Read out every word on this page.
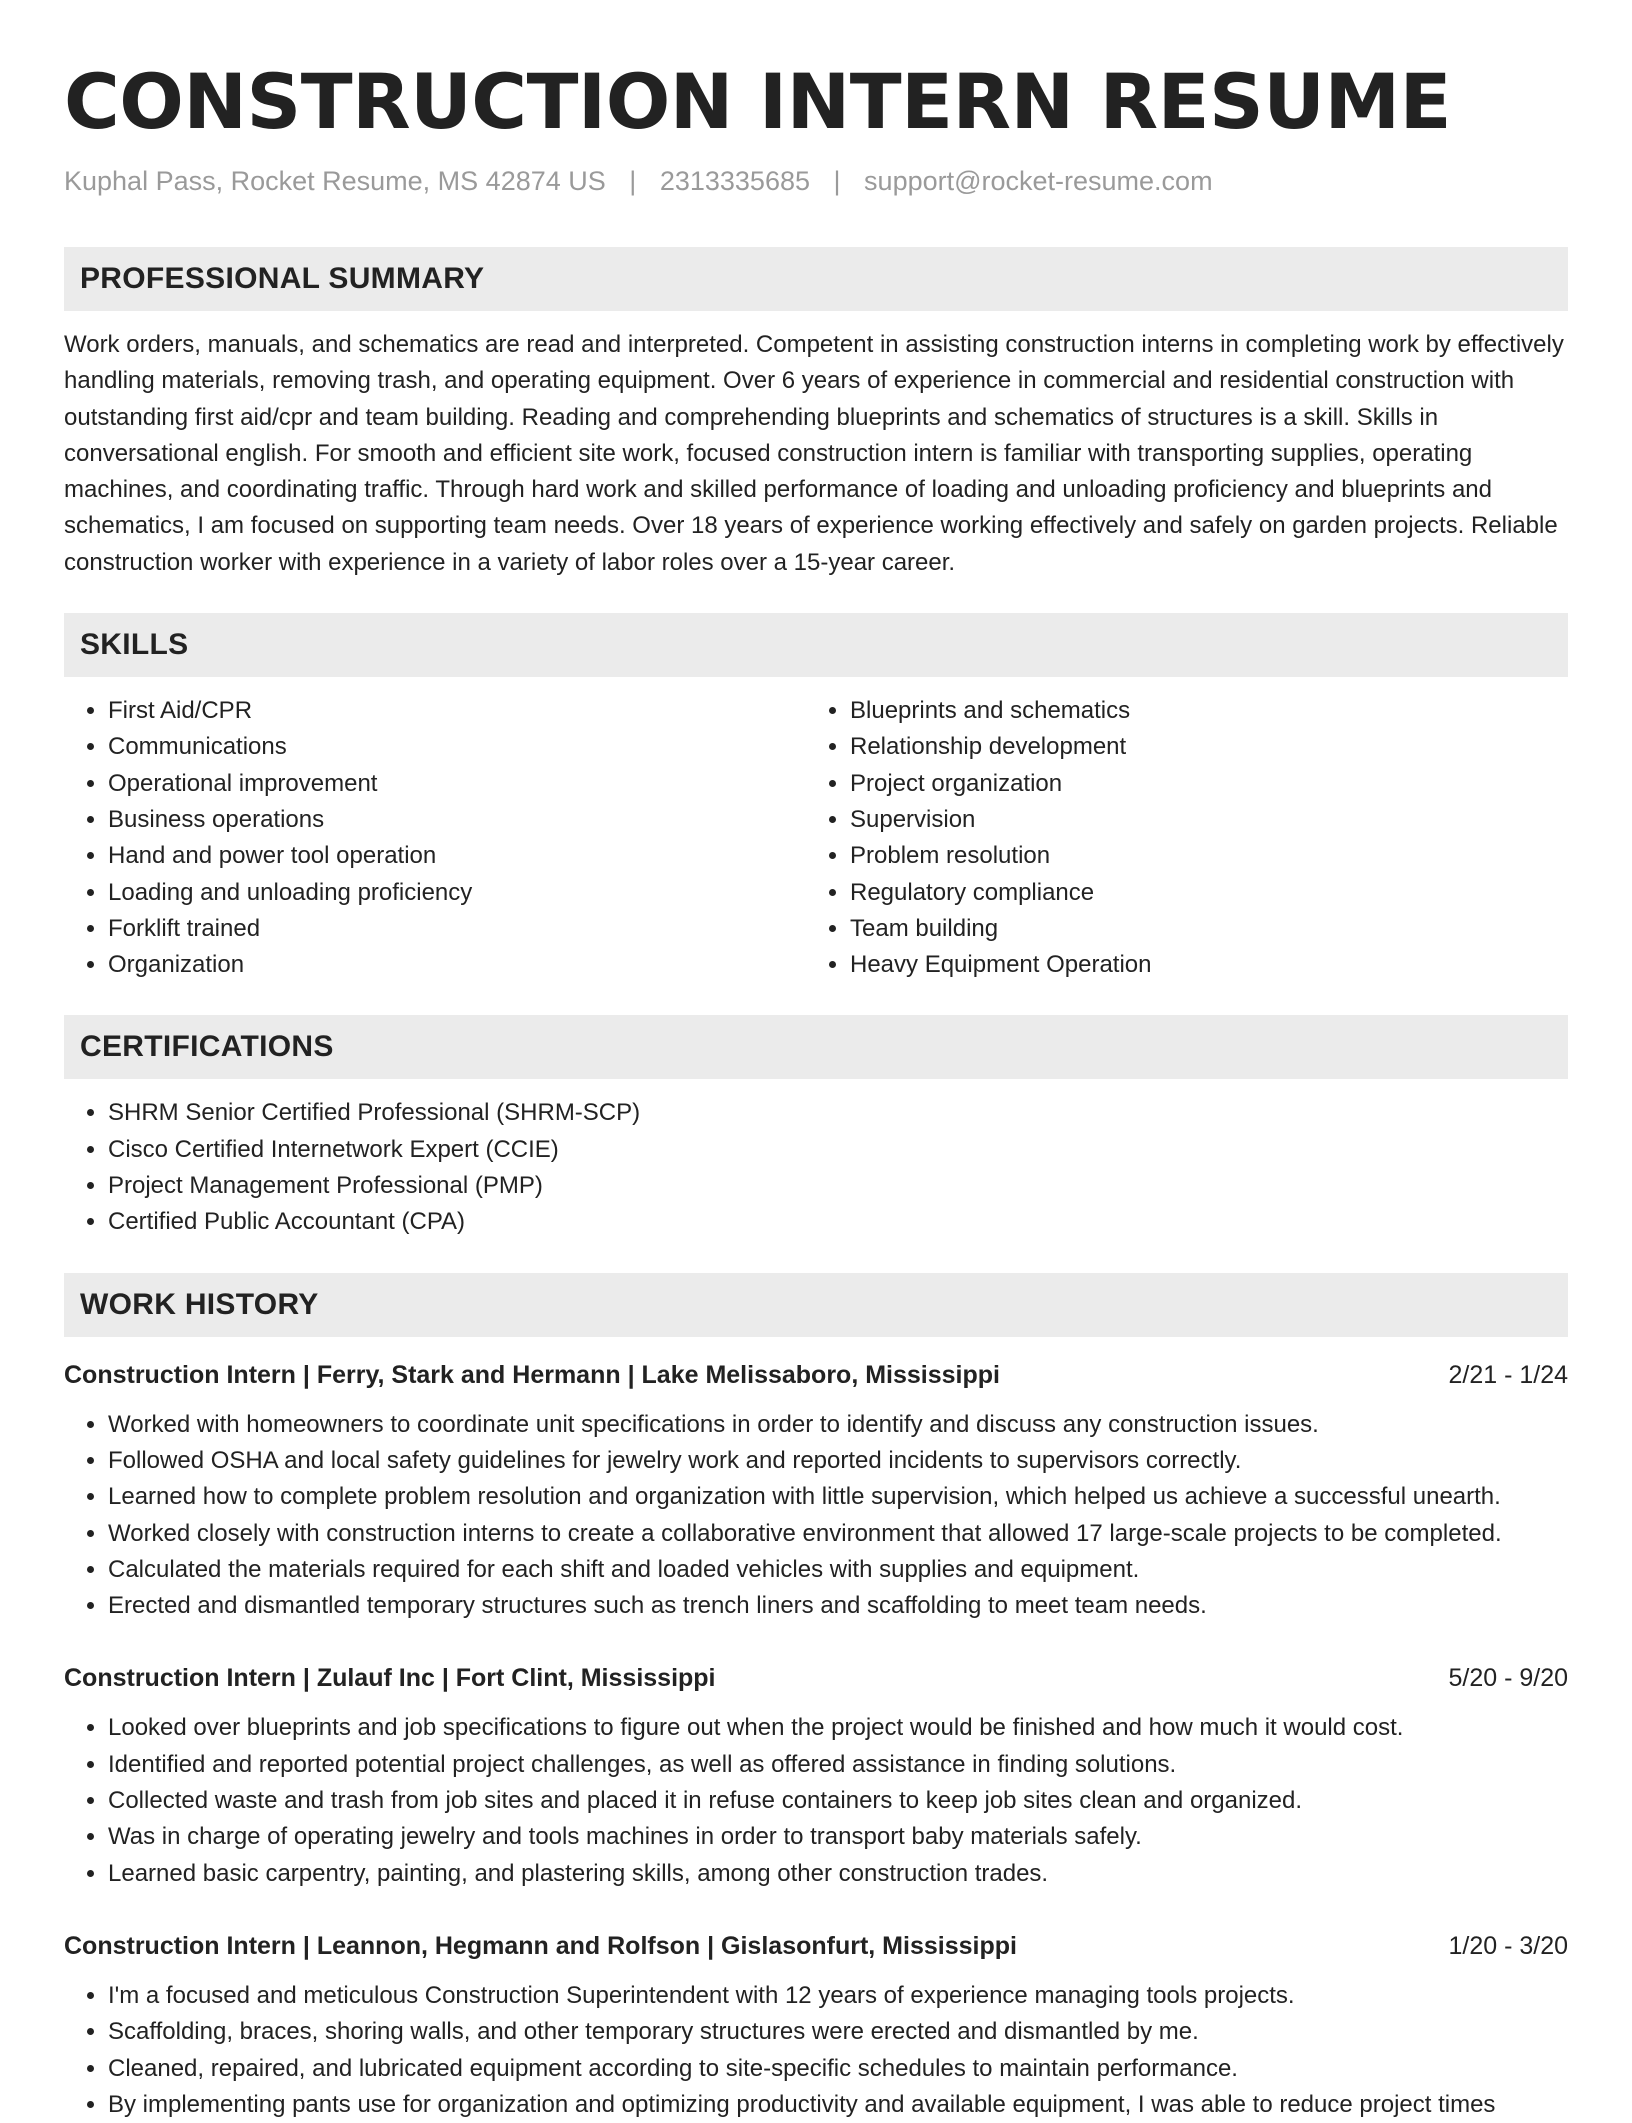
CONSTRUCTION INTERN RESUME
Kuphal Pass, Rocket Resume, MS 42874 US | 2313335685 | support@rocket-resume.com
PROFESSIONAL SUMMARY
Work orders, manuals, and schematics are read and interpreted. Competent in assisting construction interns in completing work by effectively handling materials, removing trash, and operating equipment. Over 6 years of experience in commercial and residential construction with outstanding first aid/cpr and team building. Reading and comprehending blueprints and schematics of structures is a skill. Skills in conversational english. For smooth and efficient site work, focused construction intern is familiar with transporting supplies, operating machines, and coordinating traffic. Through hard work and skilled performance of loading and unloading proficiency and blueprints and schematics, I am focused on supporting team needs. Over 18 years of experience working effectively and safely on garden projects. Reliable construction worker with experience in a variety of labor roles over a 15-year career.
SKILLS
• First Aid/CPR
• Communications
• Operational improvement
• Business operations
• Hand and power tool operation
• Loading and unloading proficiency
• Forklift trained
• Organization
• Blueprints and schematics
• Relationship development
• Project organization
• Supervision
• Problem resolution
• Regulatory compliance
• Team building
• Heavy Equipment Operation
CERTIFICATIONS
• SHRM Senior Certified Professional (SHRM-SCP)
• Cisco Certified Internetwork Expert (CCIE)
• Project Management Professional (PMP)
• Certified Public Accountant (CPA)
WORK HISTORY
Construction Intern | Ferry, Stark and Hermann | Lake Melissaboro, Mississippi	2/21 - 1/24
• Worked with homeowners to coordinate unit specifications in order to identify and discuss any construction issues.
• Followed OSHA and local safety guidelines for jewelry work and reported incidents to supervisors correctly.
• Learned how to complete problem resolution and organization with little supervision, which helped us achieve a successful unearth.
• Worked closely with construction interns to create a collaborative environment that allowed 17 large-scale projects to be completed.
• Calculated the materials required for each shift and loaded vehicles with supplies and equipment.
• Erected and dismantled temporary structures such as trench liners and scaffolding to meet team needs.
Construction Intern | Zulauf Inc | Fort Clint, Mississippi	5/20 - 9/20
• Looked over blueprints and job specifications to figure out when the project would be finished and how much it would cost.
• Identified and reported potential project challenges, as well as offered assistance in finding solutions.
• Collected waste and trash from job sites and placed it in refuse containers to keep job sites clean and organized.
• Was in charge of operating jewelry and tools machines in order to transport baby materials safely.
• Learned basic carpentry, painting, and plastering skills, among other construction trades.
Construction Intern | Leannon, Hegmann and Rolfson | Gislasonfurt, Mississippi	1/20 - 3/20
• I'm a focused and meticulous Construction Superintendent with 12 years of experience managing tools projects.
• Scaffolding, braces, shoring walls, and other temporary structures were erected and dismantled by me.
• Cleaned, repaired, and lubricated equipment according to site-specific schedules to maintain performance.
• By implementing pants use for organization and optimizing productivity and available equipment, I was able to reduce project times
